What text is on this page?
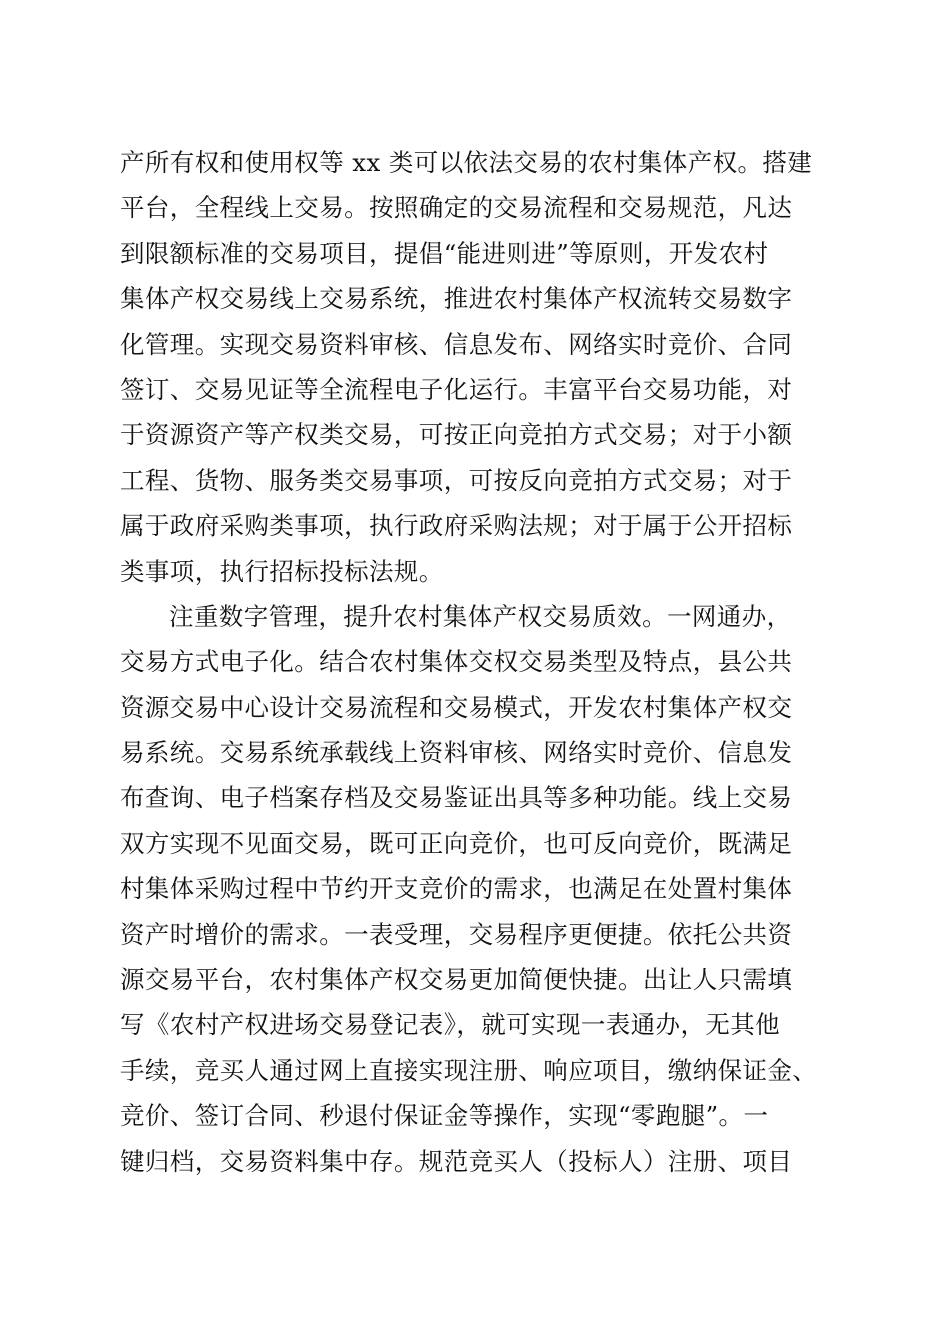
产所有权和使用权等 xx 类可以依法交易的农村集体产权。搭建
平台，全程线上交易。按照确定的交易流程和交易规范，凡达
到限额标准的交易项目，提倡“能进则进”等原则，开发农村
集体产权交易线上交易系统，推进农村集体产权流转交易数字
化管理。实现交易资料审核、信息发布、网络实时竞价、合同
签订、交易见证等全流程电子化运行。丰富平台交易功能，对
于资源资产等产权类交易，可按正向竞拍方式交易；对于小额
工程、货物、服务类交易事项，可按反向竞拍方式交易；对于
属于政府采购类事项，执行政府采购法规；对于属于公开招标
类事项，执行招标投标法规。
注重数字管理，提升农村集体产权交易质效。一网通办，
交易方式电子化。结合农村集体交权交易类型及特点，县公共
资源交易中心设计交易流程和交易模式，开发农村集体产权交
易系统。交易系统承载线上资料审核、网络实时竞价、信息发
布查询、电子档案存档及交易鉴证出具等多种功能。线上交易
双方实现不见面交易，既可正向竞价，也可反向竞价，既满足
村集体采购过程中节约开支竞价的需求，也满足在处置村集体
资产时增价的需求。一表受理，交易程序更便捷。依托公共资
源交易平台，农村集体产权交易更加简便快捷。出让人只需填
写《农村产权进场交易登记表》，就可实现一表通办，无其他
手续，竞买人通过网上直接实现注册、响应项目，缴纳保证金、
竞价、签订合同、秒退付保证金等操作，实现“零跑腿”。一
键归档，交易资料集中存。规范竞买人（投标人）注册、项目
